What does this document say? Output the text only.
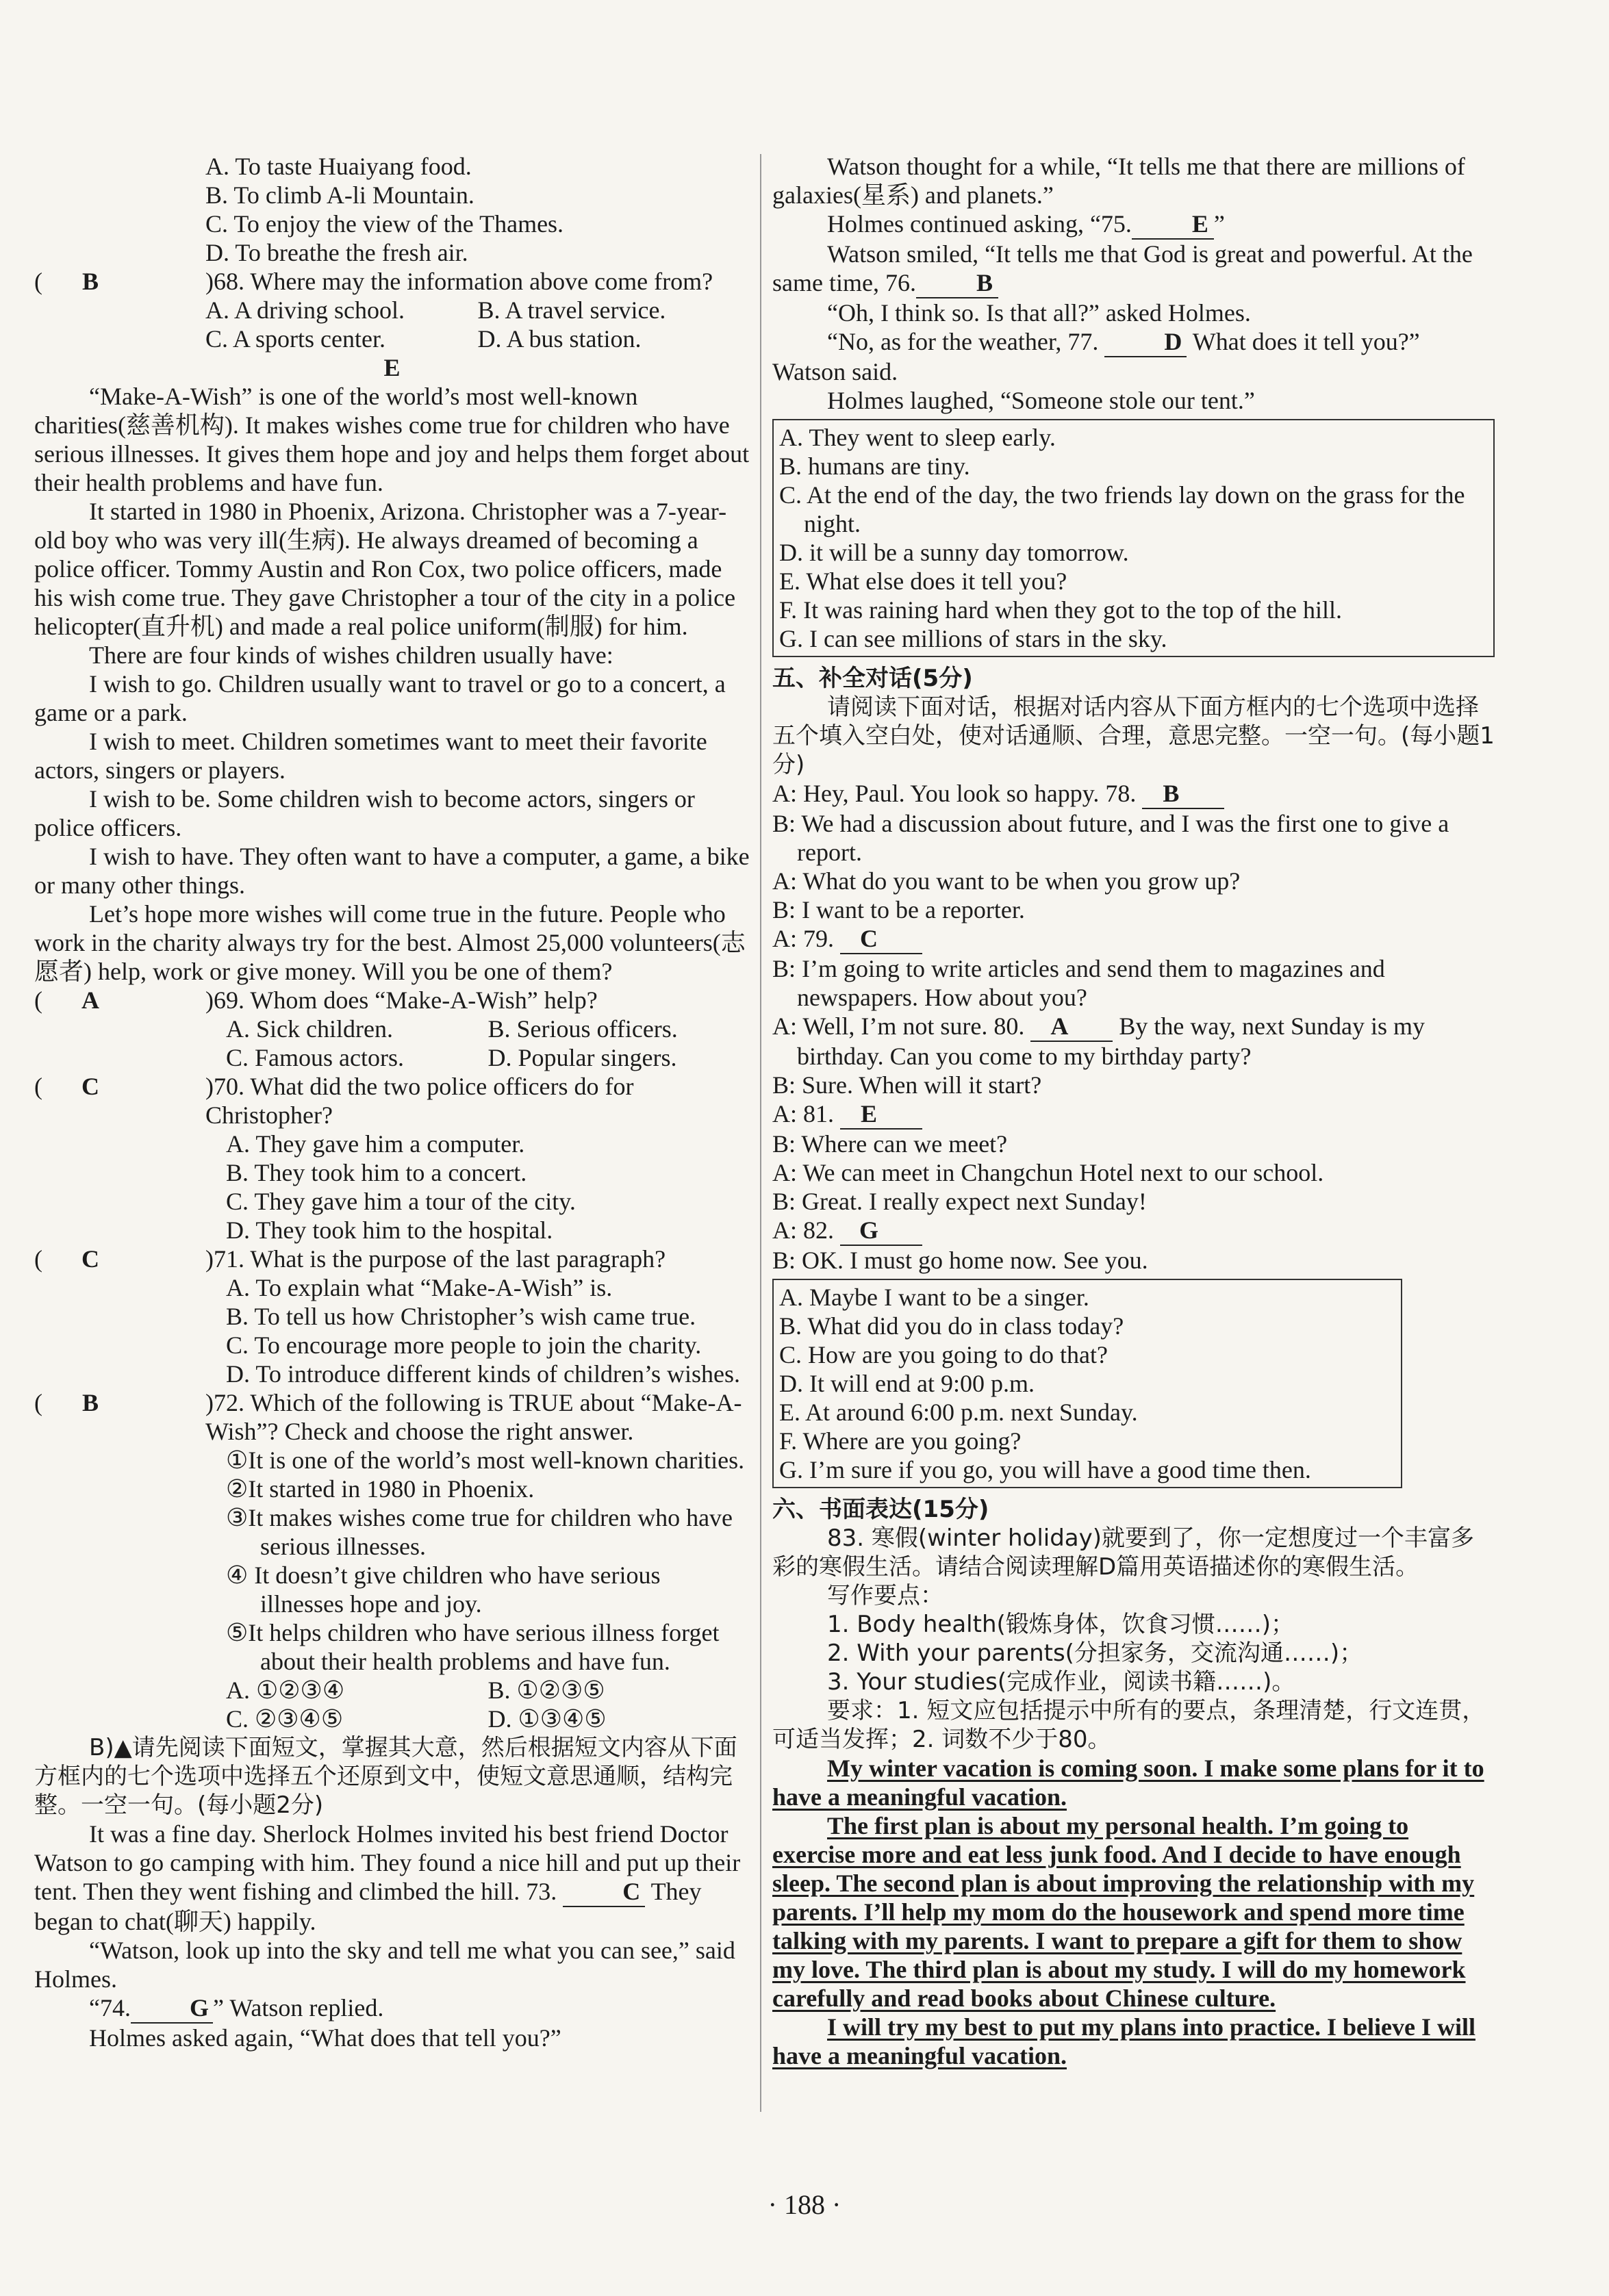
A. To taste Huaiyang food.

B. To climb A-li Mountain.

C. To enjoy the view of the Thames.

D. To breathe the fresh air.

( B	)68. Where may the information above come from?

A. A driving school.	B. A travel service.

C. A sports center.	D. A bus station.

E

“Make-A-Wish” is one of the world’s most well-known charities(慈善机构). It makes wishes come true for children who have serious illnesses. It gives them hope and joy and helps them forget about their health problems and have fun.

It started in 1980 in Phoenix, Arizona. Christopher was a 7-year-old boy who was very ill(生病). He always dreamed of becoming a police officer. Tommy Austin and Ron Cox, two police officers, made his wish come true. They gave Christopher a tour of the city in a police helicopter(直升机) and made a real police uniform(制服) for him.

There are four kinds of wishes children usually have:

I wish to go. Children usually want to travel or go to a concert, a game or a park.

I wish to meet. Children sometimes want to meet their favorite actors, singers or players.

I wish to be. Some children wish to become actors, singers or police officers.

I wish to have. They often want to have a computer, a game, a bike or many other things.

Let’s hope more wishes will come true in the future. People who work in the charity always try for the best. Almost 25,000 volunteers(志愿者) help, work or give money. Will you be one of them?

( A	)69. Whom does “Make-A-Wish” help?

A. Sick children.	B. Serious officers.

C. Famous actors.	D. Popular singers.

( C	)70. What did the two police officers do for Christopher?

A. They gave him a computer.

B. They took him to a concert.

C. They gave him a tour of the city.

D. They took him to the hospital.

( C	)71. What is the purpose of the last paragraph?

A. To explain what “Make-A-Wish” is.

B. To tell us how Christopher’s wish came true.

C. To encourage more people to join the charity.

D. To introduce different kinds of children’s wishes.

( B	)72. Which of the following is TRUE about “Make-A-Wish”? Check and choose the right answer.

①It is one of the world’s most well-known charities.

②It started in 1980 in Phoenix.

③It makes wishes come true for children who have serious illnesses.

④ It doesn’t give children who have serious illnesses hope and joy.

⑤It helps children who have serious illness forget about their health problems and have fun.

A. ①②③④	B. ①②③⑤

C. ②③④⑤	D. ①③④⑤

B)▲请先阅读下面短文，掌握其大意，然后根据短文内容从下面方框内的七个选项中选择五个还原到文中，使短文意思通顺，结构完整。一空一句。(每小题2分)

It was a fine day. Sherlock Holmes invited his best friend Doctor Watson to go camping with him. They found a nice hill and put up their tent. Then they went fishing and climbed the hill. 73.	C They began to chat(聊天) happily.

“Watson, look up into the sky and tell me what you can see,” said Holmes.

“74. G ” Watson replied.

Holmes asked again, “What does that tell you?”

Watson thought for a while, “It tells me that there are millions of galaxies(星系) and planets.”

Holmes continued asking, “75. E ”

Watson smiled, “It tells me that God is great and powerful. At the same time, 76. B

“Oh, I think so. Is that all?” asked Holmes.

“No, as for the weather, 77.	D What does it tell you?” Watson said.

Holmes laughed, “Someone stole our tent.”

A. They went to sleep early.

B. humans are tiny.

C. At the end of the day, the two friends lay down on the grass for the night.

D. it will be a sunny day tomorrow.

E. What else does it tell you?

F. It was raining hard when they got to the top of the hill.

G. I can see millions of stars in the sky.

五、补全对话(5分)

请阅读下面对话，根据对话内容从下面方框内的七个选项中选择五个填入空白处，使对话通顺、合理，意思完整。一空一句。(每小题1分)

A: Hey, Paul. You look so happy. 78. B

B: We had a discussion about future, and I was the first one to give a report.

A: What do you want to be when you grow up?

B: I want to be a reporter.

A: 79. C

B: I’m going to write articles and send them to magazines and newspapers. How about you?

A: Well, I’m not sure. 80. A By the way, next Sunday is my birthday. Can you come to my birthday party?

B: Sure. When will it start?

A: 81. E

B: Where can we meet?

A: We can meet in Changchun Hotel next to our school.

B: Great. I really expect next Sunday!

A: 82. G

B: OK. I must go home now. See you.

A. Maybe I want to be a singer.

B. What did you do in class today?

C. How are you going to do that?

D. It will end at 9:00 p.m.

E. At around 6:00 p.m. next Sunday.

F. Where are you going?

G. I’m sure if you go, you will have a good time then.

六、书面表达(15分)

83. 寒假(winter holiday)就要到了，你一定想度过一个丰富多彩的寒假生活。请结合阅读理解D篇用英语描述你的寒假生活。

写作要点：

1. Body health(锻炼身体，饮食习惯……)；

2. With your parents(分担家务，交流沟通……)；

3. Your studies(完成作业，阅读书籍……)。

要求：1. 短文应包括提示中所有的要点，条理清楚，行文连贯，可适当发挥；2. 词数不少于80。

My winter vacation is coming soon. I make some plans for it to have a meaningful vacation.

The first plan is about my personal health. I’m going to exercise more and eat less junk food. And I decide to have enough sleep. The second plan is about improving the relationship with my parents. I’ll help my mom do the housework and spend more time talking with my parents. I want to prepare a gift for them to show my love. The third plan is about my study. I will do my homework carefully and read books about Chinese culture.

I will try my best to put my plans into practice. I believe I will have a meaningful vacation.

· 188 ·
